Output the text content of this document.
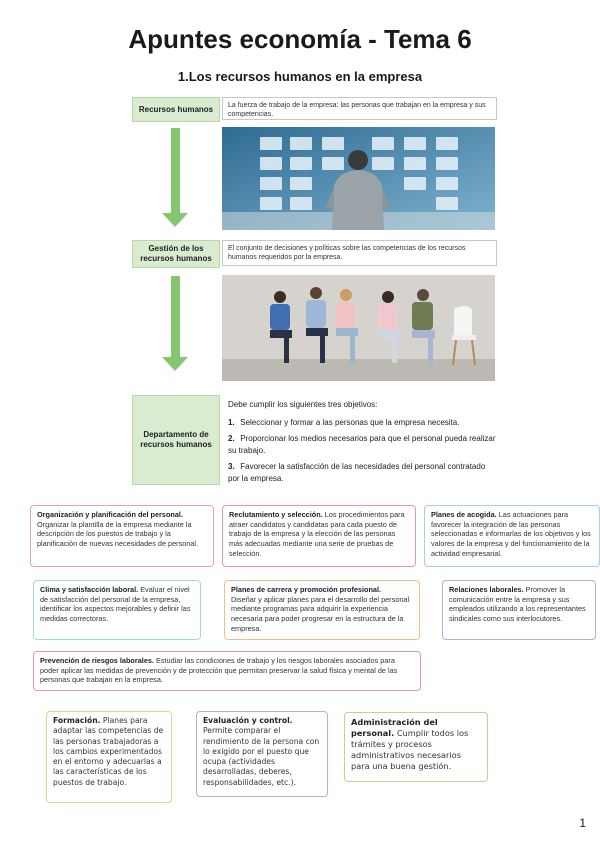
Apuntes economía - Tema 6
1.Los recursos humanos en la empresa
Recursos humanos	La fuerza de trabajo de la empresa: las personas que trabajan en la empresa y sus competencias.
Gestión de los recursos humanos
El conjunto de decisiones y políticas sobre las competencias de los recursos humanos requeridos por la empresa.
Departamento de recursos humanos
Debe cumplir los siguientes tres objetivos:
1. Seleccionar y formar a las personas que la empresa necesita.
2. Proporcionar los medios necesarios para que el personal pueda realizar su trabajo.
3. Favorecer la satisfacción de las necesidades del personal contratado por la empresa.
Organización y planificación del personal.
Organizar la plantilla de la empresa mediante la descripción de los puestos de trabajo y la planificación de nuevas necesidades de personal.
Reclutamiento y selección. Los procedimientos para atraer candidatos y candidatas para cada puesto de trabajo de la empresa y la elección de las personas más adecuadas mediante una serie de pruebas de selección.
Planes de acogida. Las actuaciones para favorecer la integración de las personas seleccionadas e informarlas de los objetivos y los valores de la empresa y del funcionamiento de la actividad empresarial.
Clima y satisfacción laboral. Evaluar el nivel de satisfacción del personal de la empresa, identificar los aspectos mejorables y definir las medidas correctoras.
Planes de carrera y promoción profesional.
Diseñar y aplicar planes para el desarrollo del personal mediante programas para adquirir la experiencia necesaria para poder progresar en la estructura de la empresa.
Relaciones laborales. Promover la comunicación entre la empresa y sus empleados utilizando a los representantes sindicales como sus interlocutores.
Prevención de riesgos laborales. Estudiar las condiciones de trabajo y los riesgos laborales asociados para poder aplicar las medidas de prevención y de protección que permitan preservar la salud física y mental de las personas que trabajan en la empresa.
Formación. Planes para adaptar las competencias de las personas trabajadoras a los cambios experimentados en el entorno y adecuarlas a las características de los puestos de trabajo.
Evaluación y control.
Permite comparar el rendimiento de la persona con lo exigido por el puesto que ocupa (actividades desarrolladas, deberes, responsabilidades, etc.).
Administración del personal. Cumplir todos los trámites y procesos administrativos necesarios para una buena gestión.
1
